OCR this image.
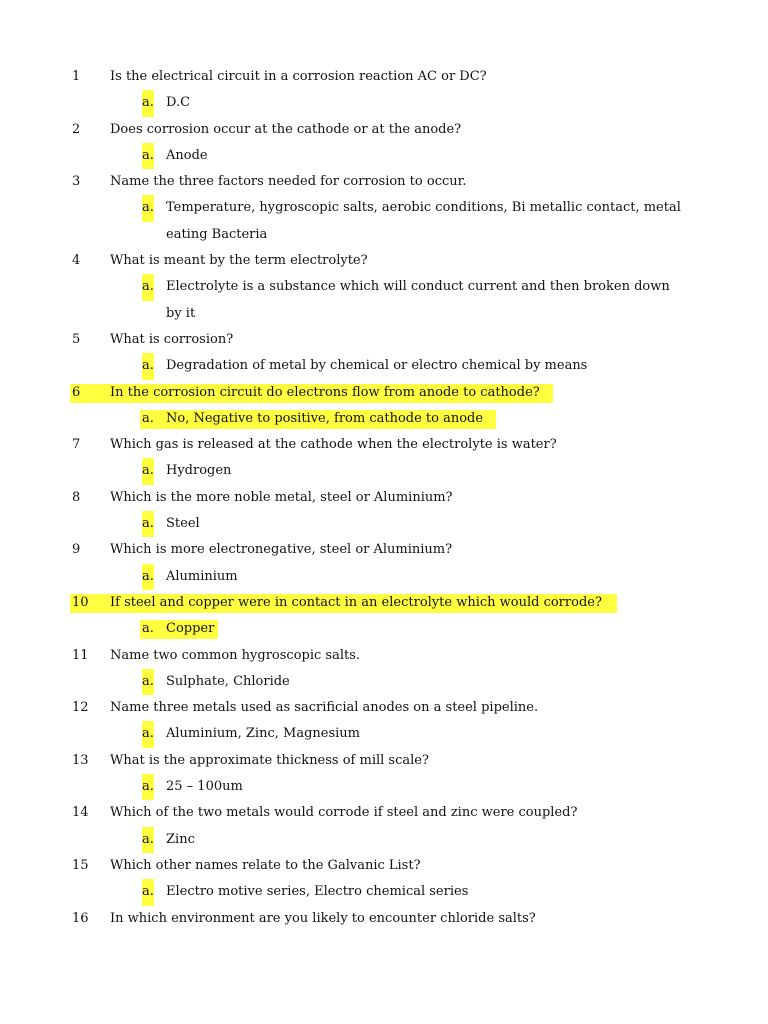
1 Is the electrical circuit in a corrosion reaction AC or DC?
a. D.C
2 Does corrosion occur at the cathode or at the anode?
a. Anode
3 Name the three factors needed for corrosion to occur.
a. Temperature, hygroscopic salts, aerobic conditions, Bi metallic contact, metal
eating Bacteria
4 What is meant by the term electrolyte?
a. Electrolyte is a substance which will conduct current and then broken down
by it
5 What is corrosion?
a. Degradation of metal by chemical or electro chemical by means
6 In the corrosion circuit do electrons flow from anode to cathode?
a. No, Negative to positive, from cathode to anode
7 Which gas is released at the cathode when the electrolyte is water?
a. Hydrogen
8 Which is the more noble metal, steel or Aluminium?
a. Steel
9 Which is more electronegative, steel or Aluminium?
a. Aluminium
10 If steel and copper were in contact in an electrolyte which would corrode?
a. Copper
11 Name two common hygroscopic salts.
a. Sulphate, Chloride
12 Name three metals used as sacrificial anodes on a steel pipeline.
a. Aluminium, Zinc, Magnesium
13 What is the approximate thickness of mill scale?
a. 25 – 100um
14 Which of the two metals would corrode if steel and zinc were coupled?
a. Zinc
15 Which other names relate to the Galvanic List?
a. Electro motive series, Electro chemical series
16 In which environment are you likely to encounter chloride salts?
